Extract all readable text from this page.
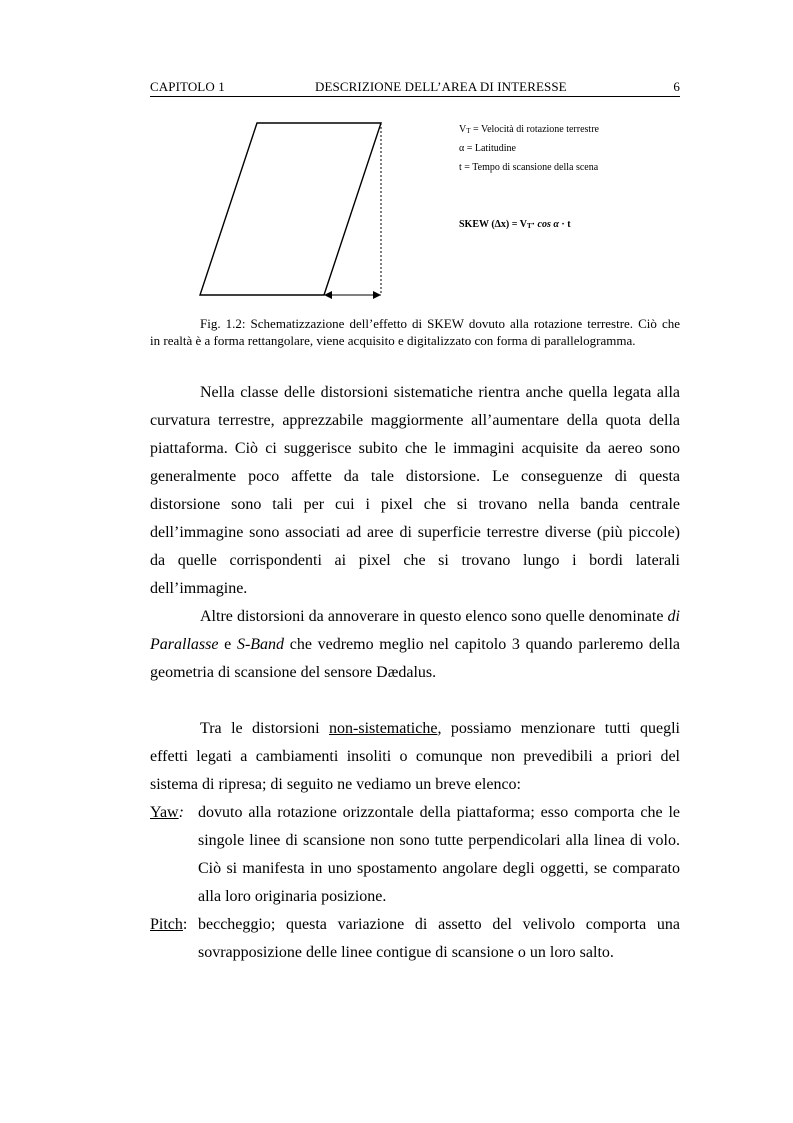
CAPITOLO 1	DESCRIZIONE DELL’AREA DI INTERESSE	6
VT = Velocità di rotazione terrestre
α = Latitudine
t = Tempo di scansione della scena
SKEW (Δx) = VT· cos α · t
Fig. 1.2: Schematizzazione dell’effetto di SKEW dovuto alla rotazione terrestre. Ciò che
in realtà è a forma rettangolare, viene acquisito e digitalizzato con forma di parallelogramma.

Nella classe delle distorsioni sistematiche rientra anche quella legata alla curvatura terrestre, apprezzabile maggiormente all’aumentare della quota della piattaforma. Ciò ci suggerisce subito che le immagini acquisite da aereo sono generalmente poco affette da tale distorsione. Le conseguenze di questa distorsione sono tali per cui i pixel che si trovano nella banda centrale dell’immagine sono associati ad aree di superficie terrestre diverse (più piccole) da quelle corrispondenti ai pixel che si trovano lungo i bordi laterali dell’immagine.

Altre distorsioni da annoverare in questo elenco sono quelle denominate di Parallasse e S-Band che vedremo meglio nel capitolo 3 quando parleremo della geometria di scansione del sensore Dædalus.

Tra le distorsioni non-sistematiche, possiamo menzionare tutti quegli effetti legati a cambiamenti insoliti o comunque non prevedibili a priori del sistema di ripresa; di seguito ne vediamo un breve elenco:

Yaw: dovuto alla rotazione orizzontale della piattaforma; esso comporta che le singole linee di scansione non sono tutte perpendicolari alla linea di volo. Ciò si manifesta in uno spostamento angolare degli oggetti, se comparato alla loro originaria posizione.

Pitch: beccheggio; questa variazione di assetto del velivolo comporta una sovrapposizione delle linee contigue di scansione o un loro salto.
